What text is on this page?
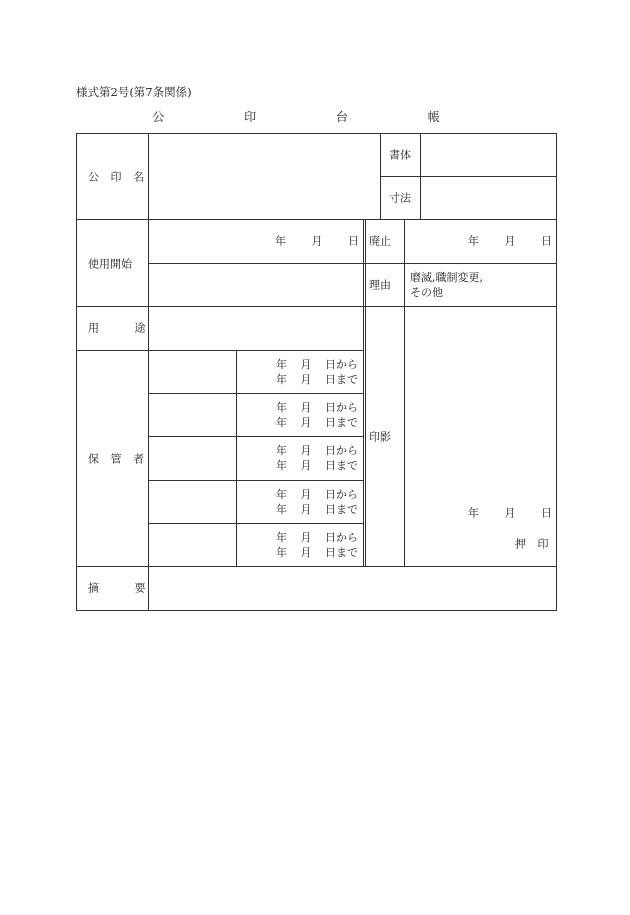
様式第2号(第7条関係)
公 印 台 帳
公 印 名
書体
寸法
使用開始
年 月 日 廃止	年 月 日
理由
磨滅,職制変更,
その他
用 途
印影
年 月 日
押 印
保 管 者
年 月 日から
年 月 日まで
年 月 日から
年 月 日まで
年 月 日から
年 月 日まで
年 月 日から
年 月 日まで
年 月 日から
年 月 日まで
摘 要
